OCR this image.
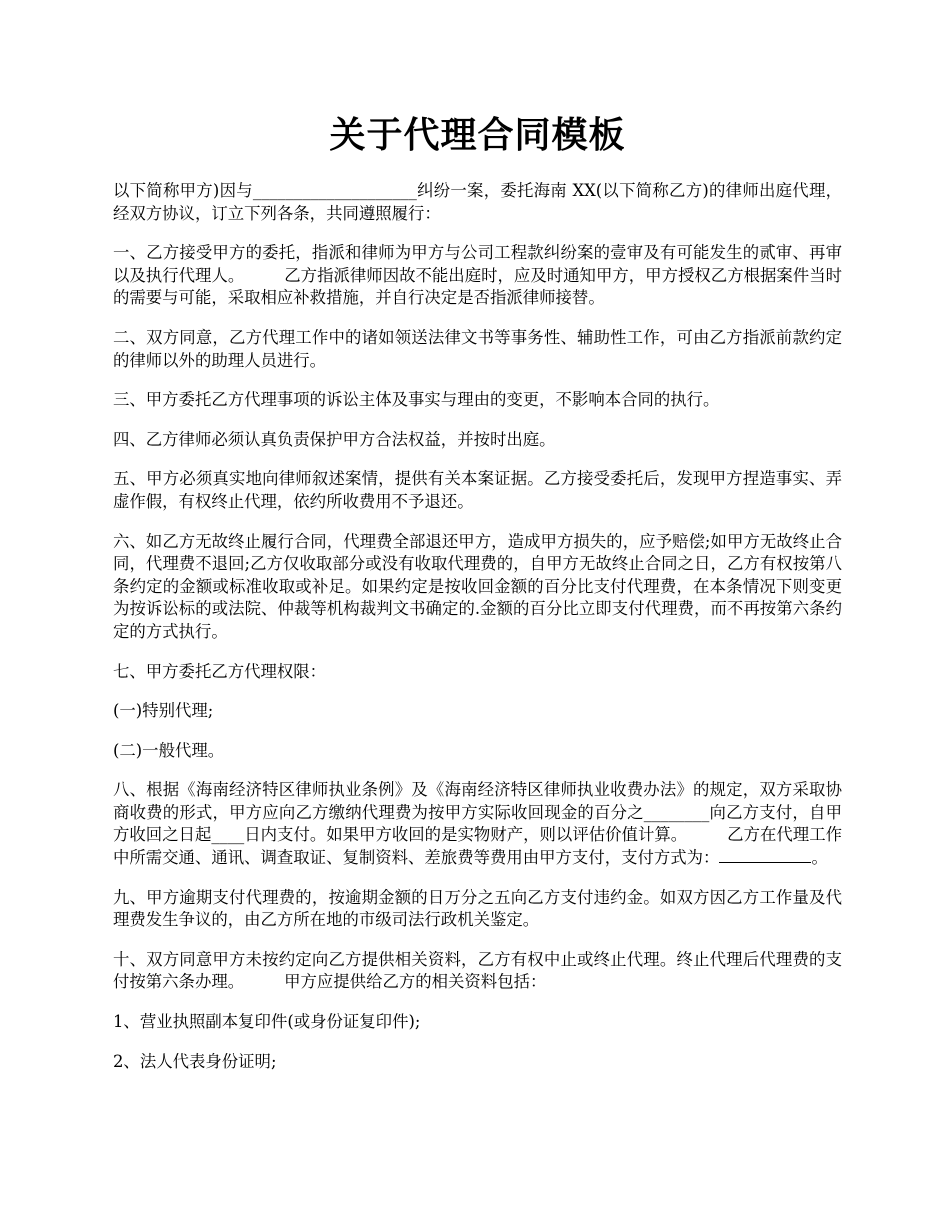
关于代理合同模板

以下简称甲方)因与____________________纠纷一案，委托海南 XX(以下简称乙方)的律师出庭代理，经双方协议，订立下列各条，共同遵照履行：

一、乙方接受甲方的委托，指派和律师为甲方与公司工程款纠纷案的壹审及有可能发生的贰审、再审以及执行代理人。 乙方指派律师因故不能出庭时，应及时通知甲方，甲方授权乙方根据案件当时的需要与可能，采取相应补救措施，并自行决定是否指派律师接替。

二、双方同意，乙方代理工作中的诸如领送法律文书等事务性、辅助性工作，可由乙方指派前款约定的律师以外的助理人员进行。

三、甲方委托乙方代理事项的诉讼主体及事实与理由的变更，不影响本合同的执行。

四、乙方律师必须认真负责保护甲方合法权益，并按时出庭。

五、甲方必须真实地向律师叙述案情，提供有关本案证据。乙方接受委托后，发现甲方捏造事实、弄虚作假，有权终止代理，依约所收费用不予退还。

六、如乙方无故终止履行合同，代理费全部退还甲方，造成甲方损失的，应予赔偿;如甲方无故终止合同，代理费不退回;乙方仅收取部分或没有收取代理费的，自甲方无故终止合同之日，乙方有权按第八条约定的金额或标准收取或补足。如果约定是按收回金额的百分比支付代理费，在本条情况下则变更为按诉讼标的或法院、仲裁等机构裁判文书确定的.金额的百分比立即支付代理费，而不再按第六条约定的方式执行。

七、甲方委托乙方代理权限：

(一)特别代理;

(二)一般代理。

八、根据《海南经济特区律师执业条例》及《海南经济特区律师执业收费办法》的规定，双方采取协商收费的形式，甲方应向乙方缴纳代理费为按甲方实际收回现金的百分之________向乙方支付，自甲方收回之日起____日内支付。如果甲方收回的是实物财产，则以评估价值计算。 乙方在代理工作中所需交通、通讯、调查取证、复制资料、差旅费等费用由甲方支付，支付方式为：	。

九、甲方逾期支付代理费的，按逾期金额的日万分之五向乙方支付违约金。如双方因乙方工作量及代理费发生争议的，由乙方所在地的市级司法行政机关鉴定。

十、双方同意甲方未按约定向乙方提供相关资料，乙方有权中止或终止代理。终止代理后代理费的支付按第六条办理。 甲方应提供给乙方的相关资料包括：

1、营业执照副本复印件(或身份证复印件);

2、法人代表身份证明;
